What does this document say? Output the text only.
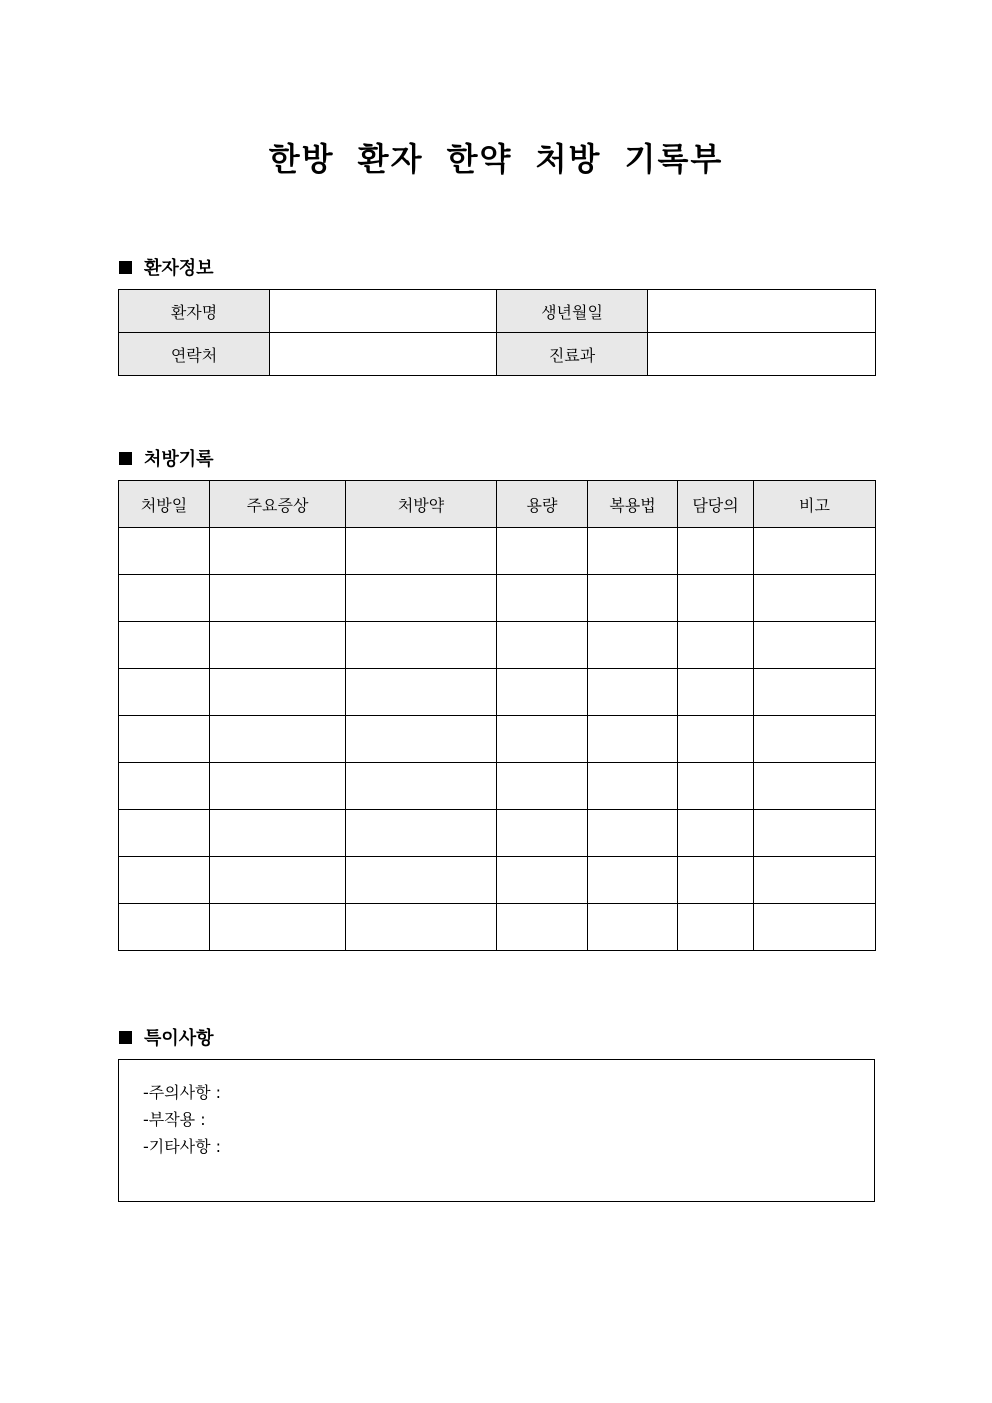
한방 환자 한약 처방 기록부
환자정보
환자명		생년월일	
연락처		진료과	
처방기록
처방일	주요증상	처방약	용량	복용법	담당의	비고

특이사항
-주의사항 :
-부작용 :
-기타사항 :
